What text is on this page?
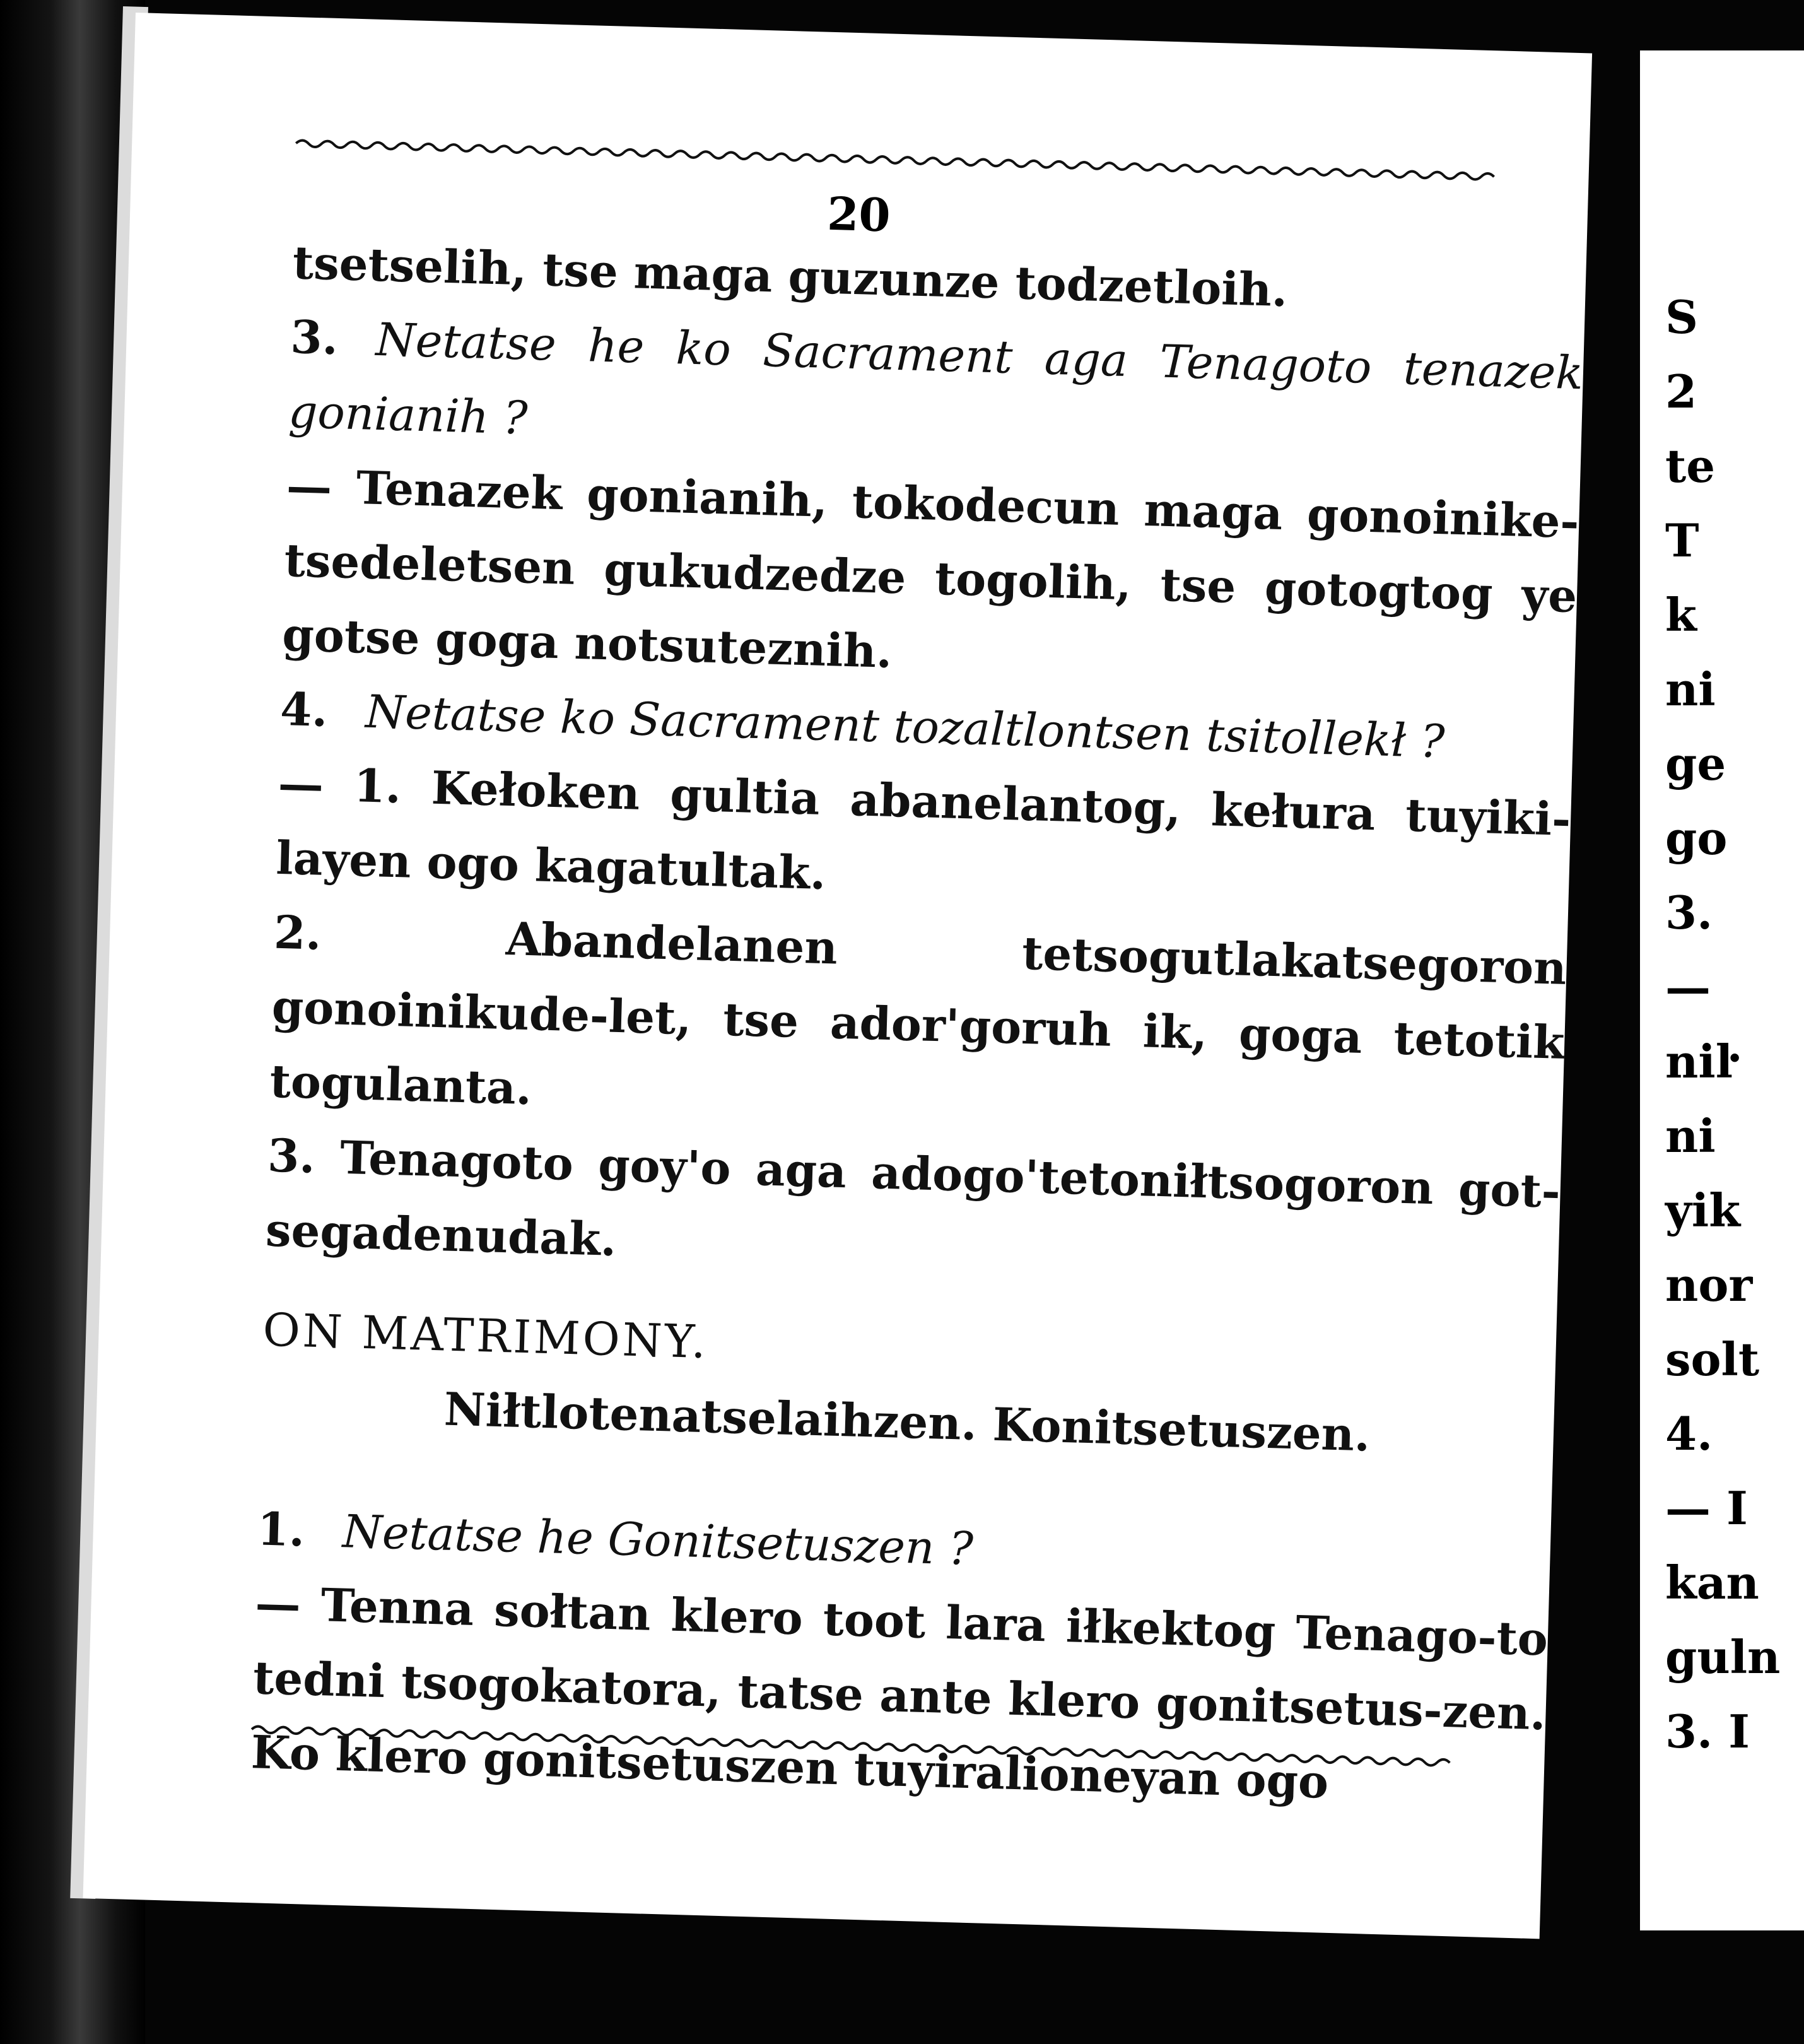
S
2
te
T
k
ni
ge
go
3.
—
niŀ
ni
yik
nor
solt
4.
— I
kan
guln
3. I
20

tsetselih, tse maga guzunze todzetloih.

3. Netatse he ko Sacrament aga Tenagoto tenazek gonianih ?

— Tenazek gonianih, tokodecun maga gonoinike-tsedeletsen gukudzedze togolih, tse gotogtog ye gotse goga notsuteznih.

4. Netatse ko Sacrament tozaltlontsen tsitollekł ?

— 1. Kełoken gultia abanelantog, kełura tuyiki-layen ogo kagatultak.

2. Abandelanen tetsogutlakatsegoron gonoinikude-let, tse ador'goruh ik, goga tetotik togulanta.

3. Tenagoto goy'o aga adogo'tetoniłtsogoron got-segadenudak.

ON MATRIMONY.

Niłtlotenatselaihzen. Konitsetuszen.

1. Netatse he Gonitsetuszen ?

— Tenna sołtan klero toot lara iłkektog Tenago-to tedni tsogokatora, tatse ante klero gonitsetus-zen. Ko klero gonitsetuszen tuyiralioneyan ogo
